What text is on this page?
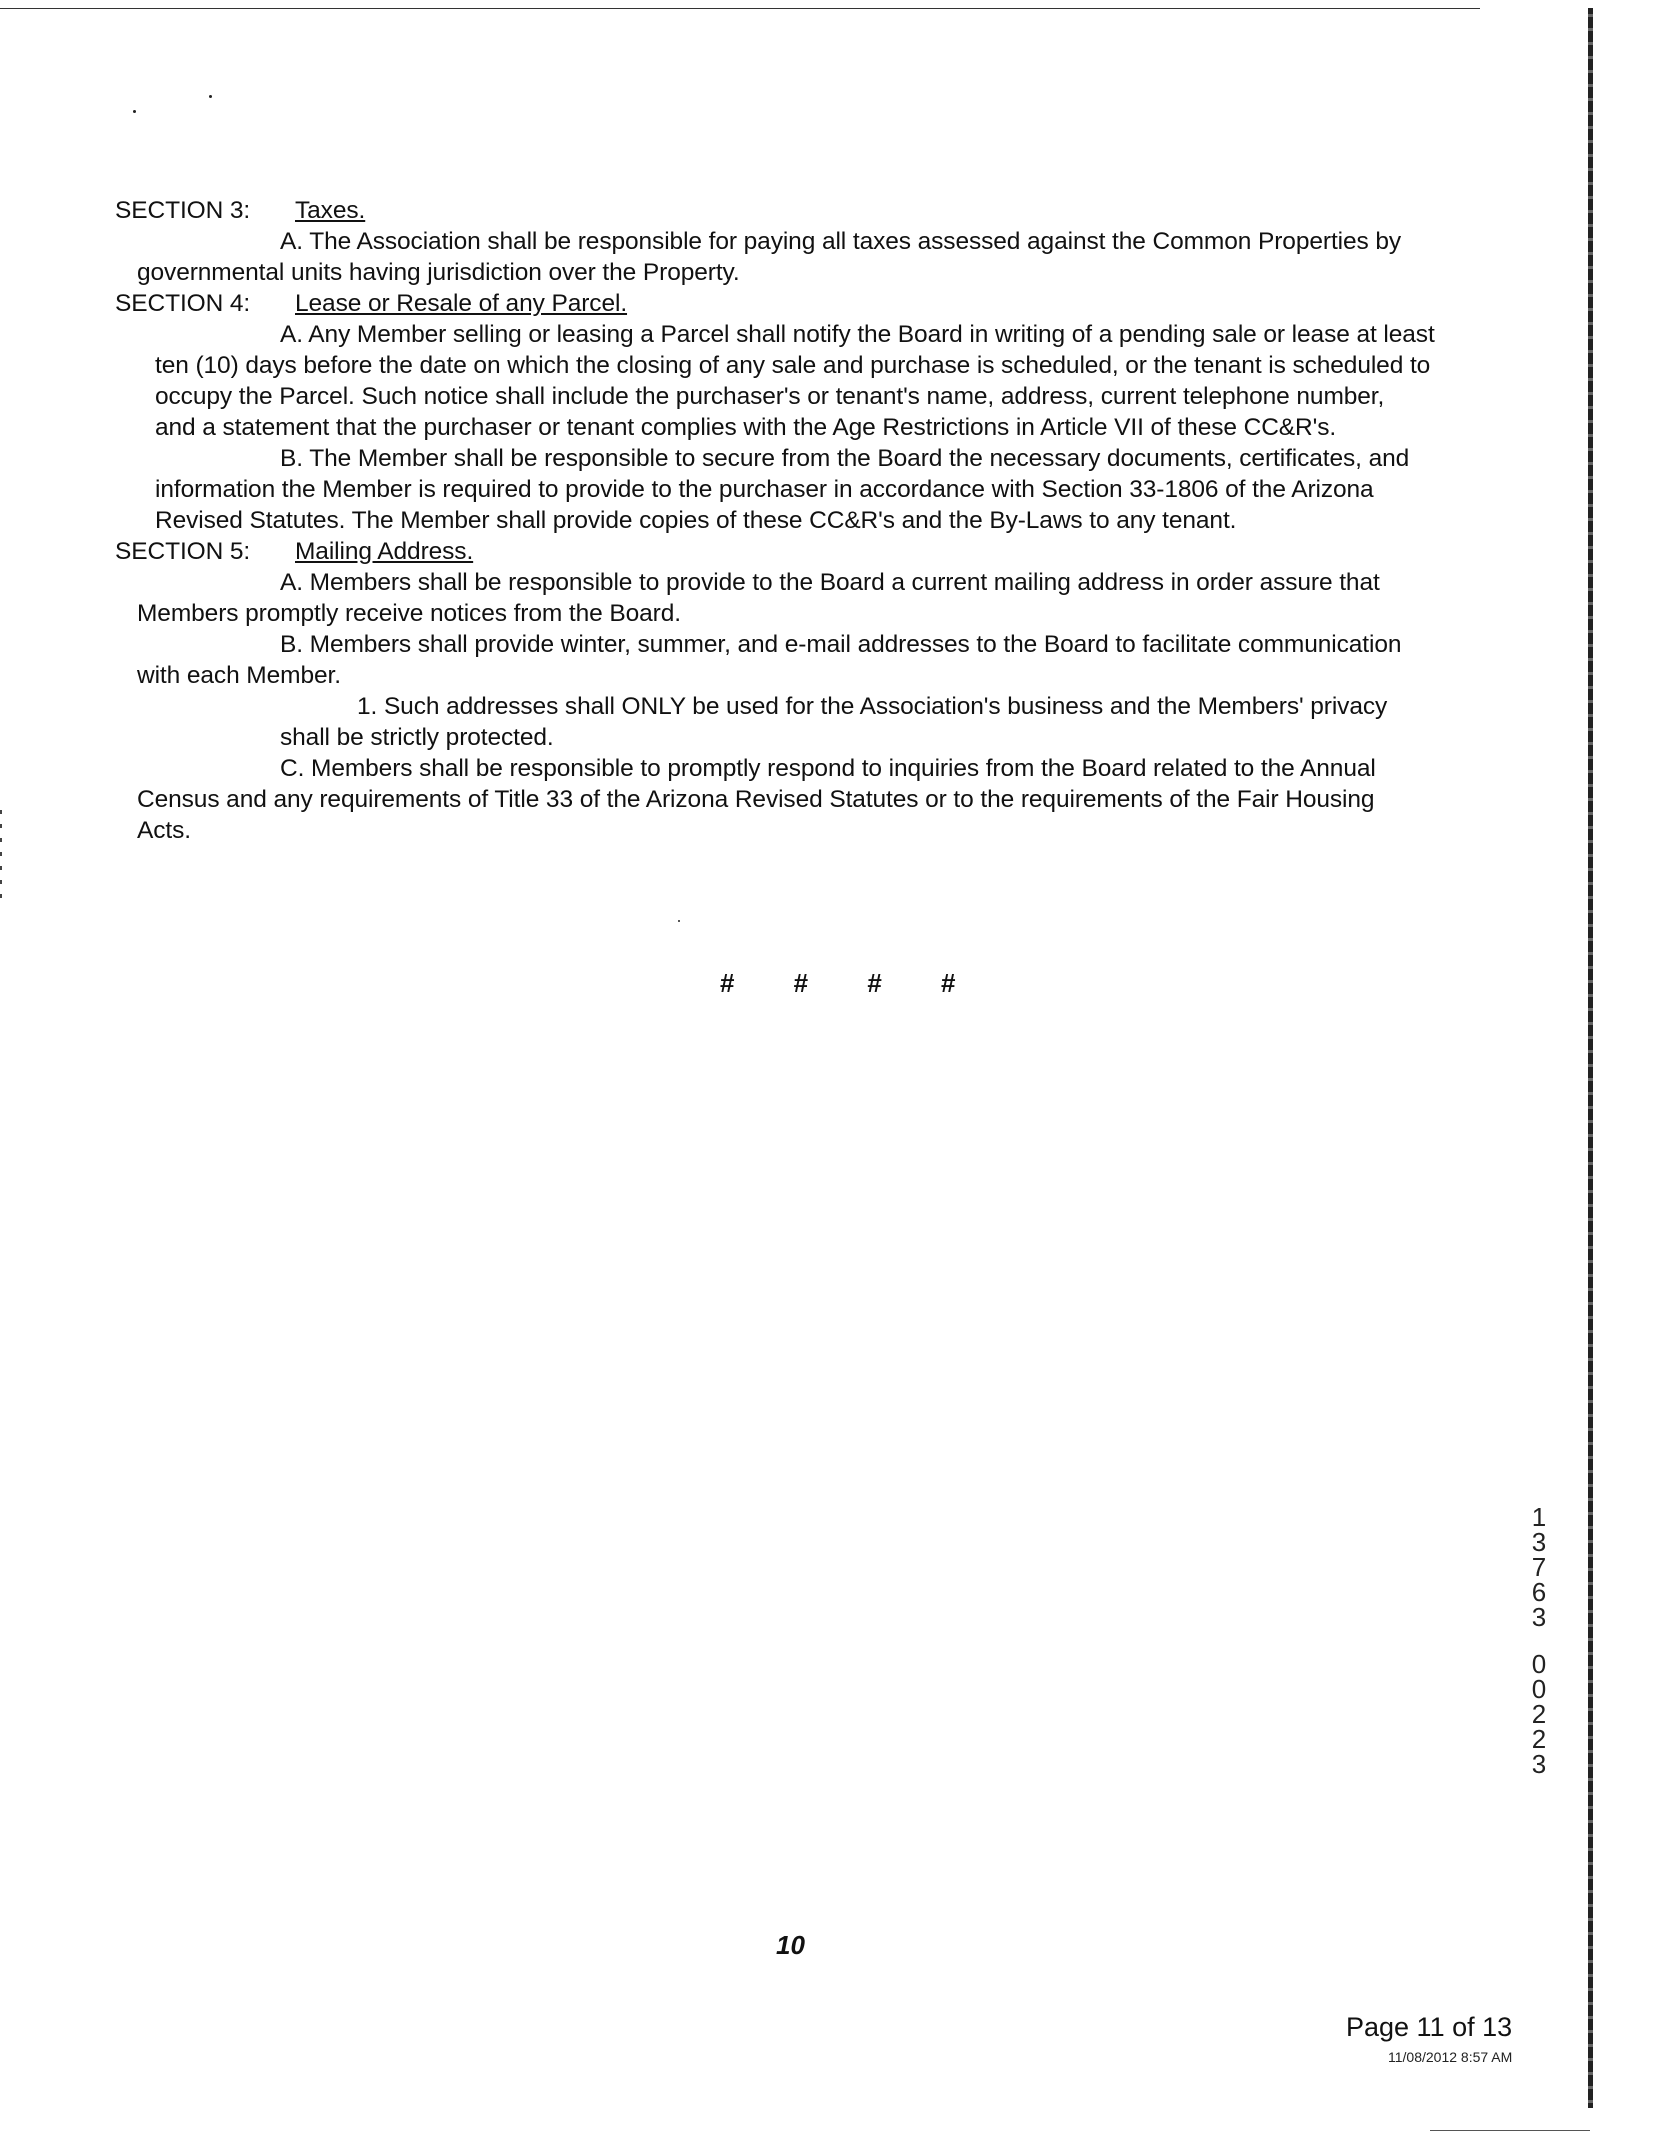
SECTION 3: Taxes.
A. The Association shall be responsible for paying all taxes assessed against the Common Properties by
governmental units having jurisdiction over the Property.
SECTION 4: Lease or Resale of any Parcel.
A. Any Member selling or leasing a Parcel shall notify the Board in writing of a pending sale or lease at least
ten (10) days before the date on which the closing of any sale and purchase is scheduled, or the tenant is scheduled to
occupy the Parcel. Such notice shall include the purchaser's or tenant's name, address, current telephone number,
and a statement that the purchaser or tenant complies with the Age Restrictions in Article VII of these CC&R's.
B. The Member shall be responsible to secure from the Board the necessary documents, certificates, and
information the Member is required to provide to the purchaser in accordance with Section 33-1806 of the Arizona
Revised Statutes. The Member shall provide copies of these CC&R's and the By-Laws to any tenant.
SECTION 5: Mailing Address.
A. Members shall be responsible to provide to the Board a current mailing address in order assure that
Members promptly receive notices from the Board.
B. Members shall provide winter, summer, and e-mail addresses to the Board to facilitate communication
with each Member.
1. Such addresses shall ONLY be used for the Association's business and the Members' privacy
shall be strictly protected.
C. Members shall be responsible to promptly respond to inquiries from the Board related to the Annual
Census and any requirements of Title 33 of the Arizona Revised Statutes or to the requirements of the Fair Housing
Acts.
# # # #
10
1
3
7
6
3
0
0
2
2
3
Page 11 of 13
11/08/2012 8:57 AM
